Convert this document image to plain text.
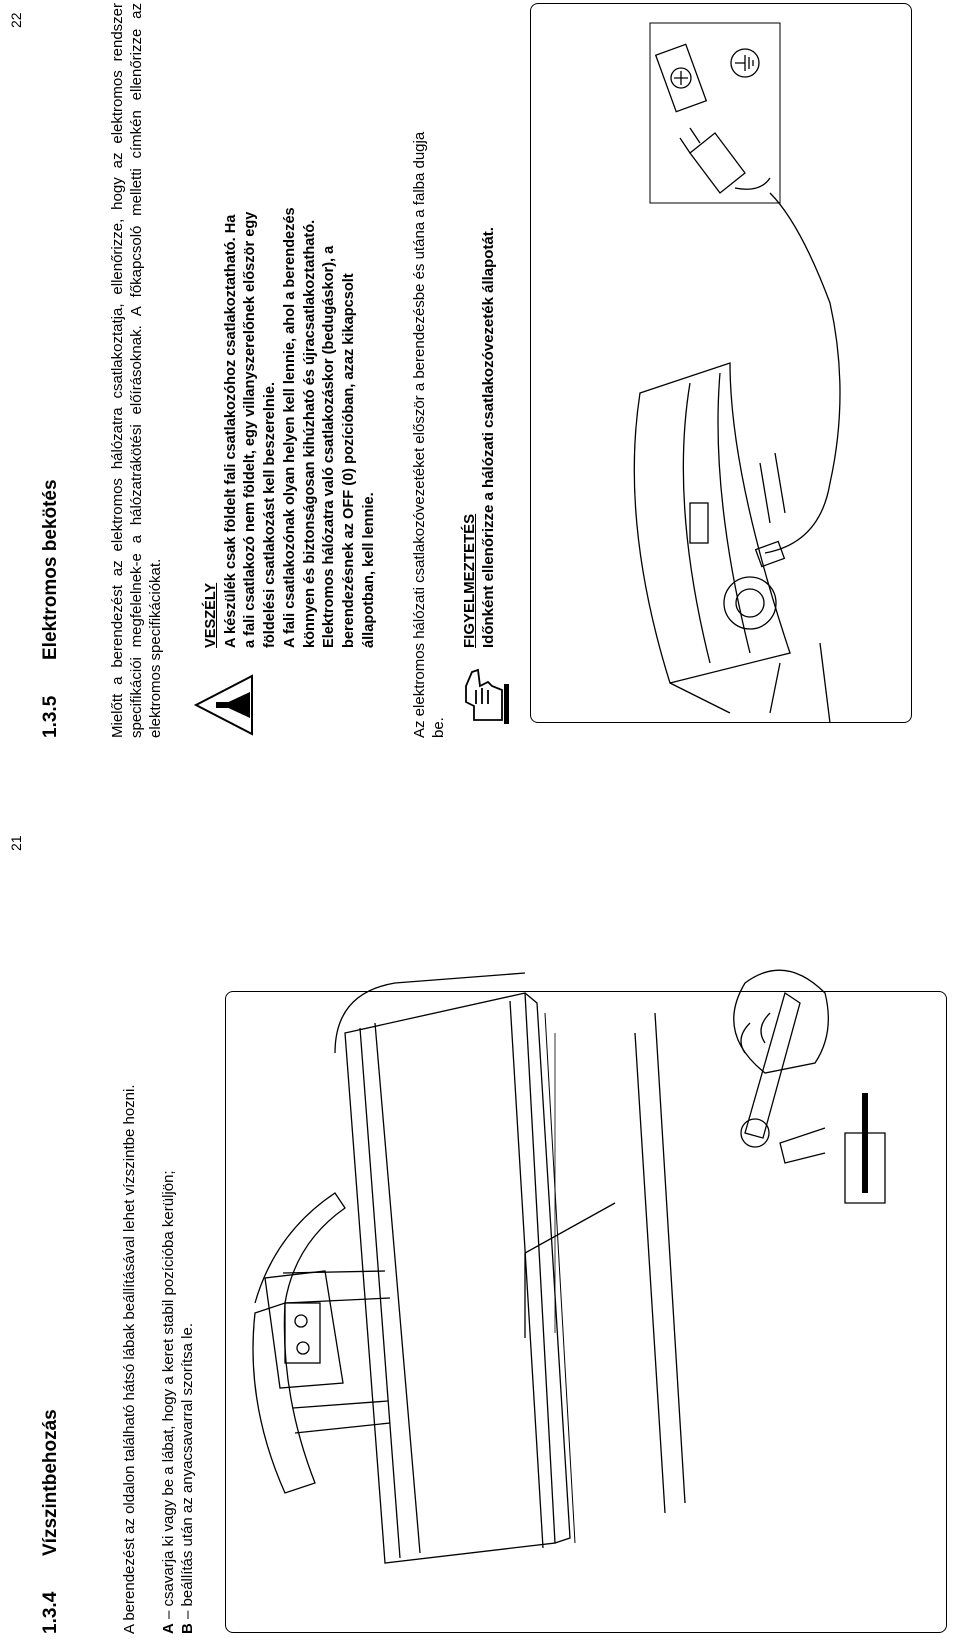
21
1.3.4Vízszintbehozás	A berendezést az oldalon található hátsó lábak beállításával lehet vízszintbe hozni. A – csavarja ki vagy be a lábat, hogy a keret stabil pozícióba kerüljön;
B – beállítás után az anyacsavarral szorítsa le.
22
1.3.5Elektromos bekötés	Mielőtt a berendezést az elektromos hálózatra csatlakoztatja, ellenőrizze, hogy az elektromos rendszer specifikációi megfelelnek-e a hálózatrákötési előírásoknak. A főkapcsoló melletti címkén ellenőrizze az elektromos specifikációkat.	VESZÉLY A készülék csak földelt fali csatlakozóhoz csatlakoztatható. Ha a fali csatlakozó nem földelt, egy villanyszerelőnek először egy földelési csatlakozást kell beszerelnie. A fali csatlakozónak olyan helyen kell lennie, ahol a berendezés könnyen és biztonságosan kihúzható és újracsatlakoztatható. Elektromos hálózatra való csatlakozáskor (bedugáskor), a berendezésnek az OFF (0) pozícióban, azaz kikapcsolt állapotban, kell lennie. Az elektromos hálózati csatlakozóvezetéket először a berendezésbe és utána a falba dugja be.
FIGYELMEZTETÉS Időnként ellenőrizze a hálózati csatlakozóvezeték állapotát.
